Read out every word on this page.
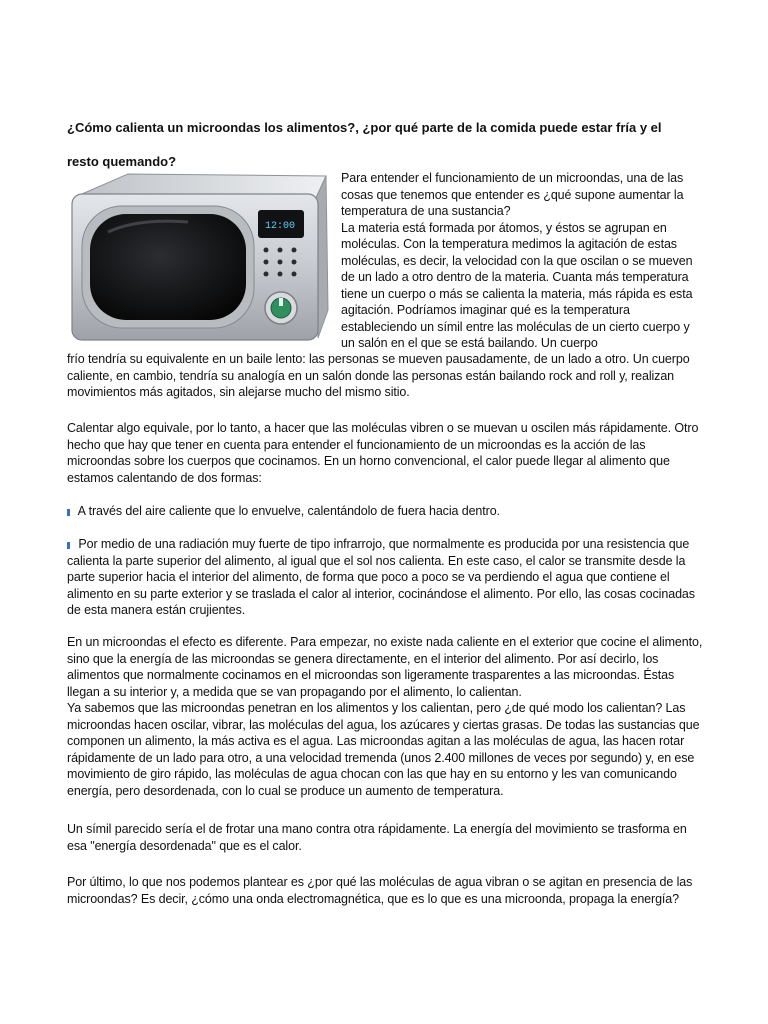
¿Cómo calienta un microondas los alimentos?, ¿por qué parte de la comida puede estar fría y el
resto quemando?
12:00

Para entender el funcionamiento de un microondas, una de las cosas que tenemos que entender es ¿qué supone aumentar la temperatura de una sustancia?

La materia está formada por átomos, y éstos se agrupan en moléculas. Con la temperatura medimos la agitación de estas moléculas, es decir, la velocidad con la que oscilan o se mueven de un lado a otro dentro de la materia. Cuanta más temperatura tiene un cuerpo o más se calienta la materia, más rápida es esta agitación. Podríamos imaginar qué es la temperatura estableciendo un símil entre las moléculas de un cierto cuerpo y un salón en el que se está bailando. Un cuerpo

frío tendría su equivalente en un baile lento: las personas se mueven pausadamente, de un lado a otro. Un cuerpo caliente, en cambio, tendría su analogía en un salón donde las personas están bailando rock and roll y, realizan movimientos más agitados, sin alejarse mucho del mismo sitio.

Calentar algo equivale, por lo tanto, a hacer que las moléculas vibren o se muevan u oscilen más rápidamente. Otro hecho que hay que tener en cuenta para entender el funcionamiento de un microondas es la acción de las microondas sobre los cuerpos que cocinamos. En un horno convencional, el calor puede llegar al alimento que estamos calentando de dos formas:

A través del aire caliente que lo envuelve, calentándolo de fuera hacia dentro.

Por medio de una radiación muy fuerte de tipo infrarrojo, que normalmente es producida por una resistencia que calienta la parte superior del alimento, al igual que el sol nos calienta. En este caso, el calor se transmite desde la parte superior hacia el interior del alimento, de forma que poco a poco se va perdiendo el agua que contiene el alimento en su parte exterior y se traslada el calor al interior, cocinándose el alimento. Por ello, las cosas cocinadas de esta manera están crujientes.

En un microondas el efecto es diferente. Para empezar, no existe nada caliente en el exterior que cocine el alimento, sino que la energía de las microondas se genera directamente, en el interior del alimento. Por así decirlo, los alimentos que normalmente cocinamos en el microondas son ligeramente trasparentes a las microondas. Éstas llegan a su interior y, a medida que se van propagando por el alimento, lo calientan.

Ya sabemos que las microondas penetran en los alimentos y los calientan, pero ¿de qué modo los calientan? Las microondas hacen oscilar, vibrar, las moléculas del agua, los azúcares y ciertas grasas. De todas las sustancias que componen un alimento, la más activa es el agua. Las microondas agitan a las moléculas de agua, las hacen rotar rápidamente de un lado para otro, a una velocidad tremenda (unos 2.400 millones de veces por segundo) y, en ese movimiento de giro rápido, las moléculas de agua chocan con las que hay en su entorno y les van comunicando energía, pero desordenada, con lo cual se produce un aumento de temperatura.

Un símil parecido sería el de frotar una mano contra otra rápidamente. La energía del movimiento se trasforma en esa "energía desordenada" que es el calor.

Por último, lo que nos podemos plantear es ¿por qué las moléculas de agua vibran o se agitan en presencia de las microondas? Es decir, ¿cómo una onda electromagnética, que es lo que es una microonda, propaga la energía?
